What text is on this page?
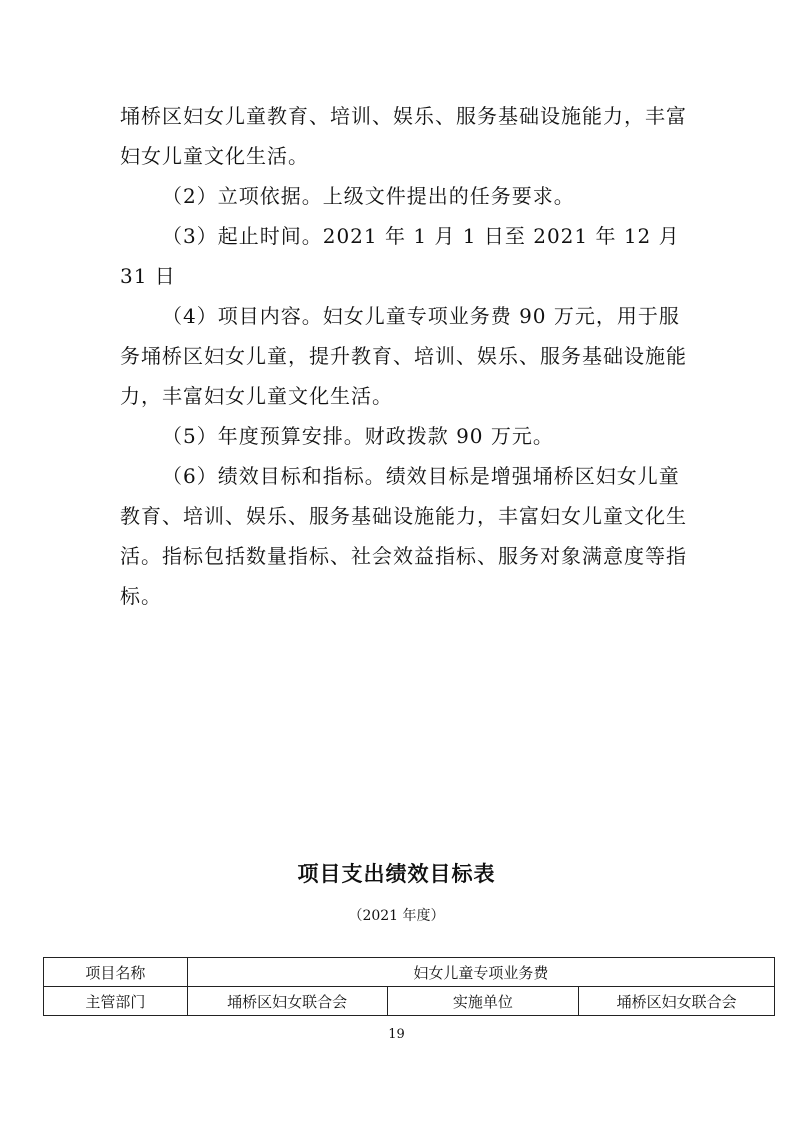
埇桥区妇女儿童教育、培训、娱乐、服务基础设施能力，丰富妇女儿童文化生活。

（2）立项依据。上级文件提出的任务要求。

（3）起止时间。2021 年 1 月 1 日至 2021 年 12 月 31 日

（4）项目内容。妇女儿童专项业务费 90 万元，用于服务埇桥区妇女儿童，提升教育、培训、娱乐、服务基础设施能力，丰富妇女儿童文化生活。

（5）年度预算安排。财政拨款 90 万元。

（6）绩效目标和指标。绩效目标是增强埇桥区妇女儿童教育、培训、娱乐、服务基础设施能力，丰富妇女儿童文化生活。指标包括数量指标、社会效益指标、服务对象满意度等指标。

项目支出绩效目标表
（2021 年度）
项目名称	妇女儿童专项业务费		
主管部门	埇桥区妇女联合会	实施单位	埇桥区妇女联合会
19
